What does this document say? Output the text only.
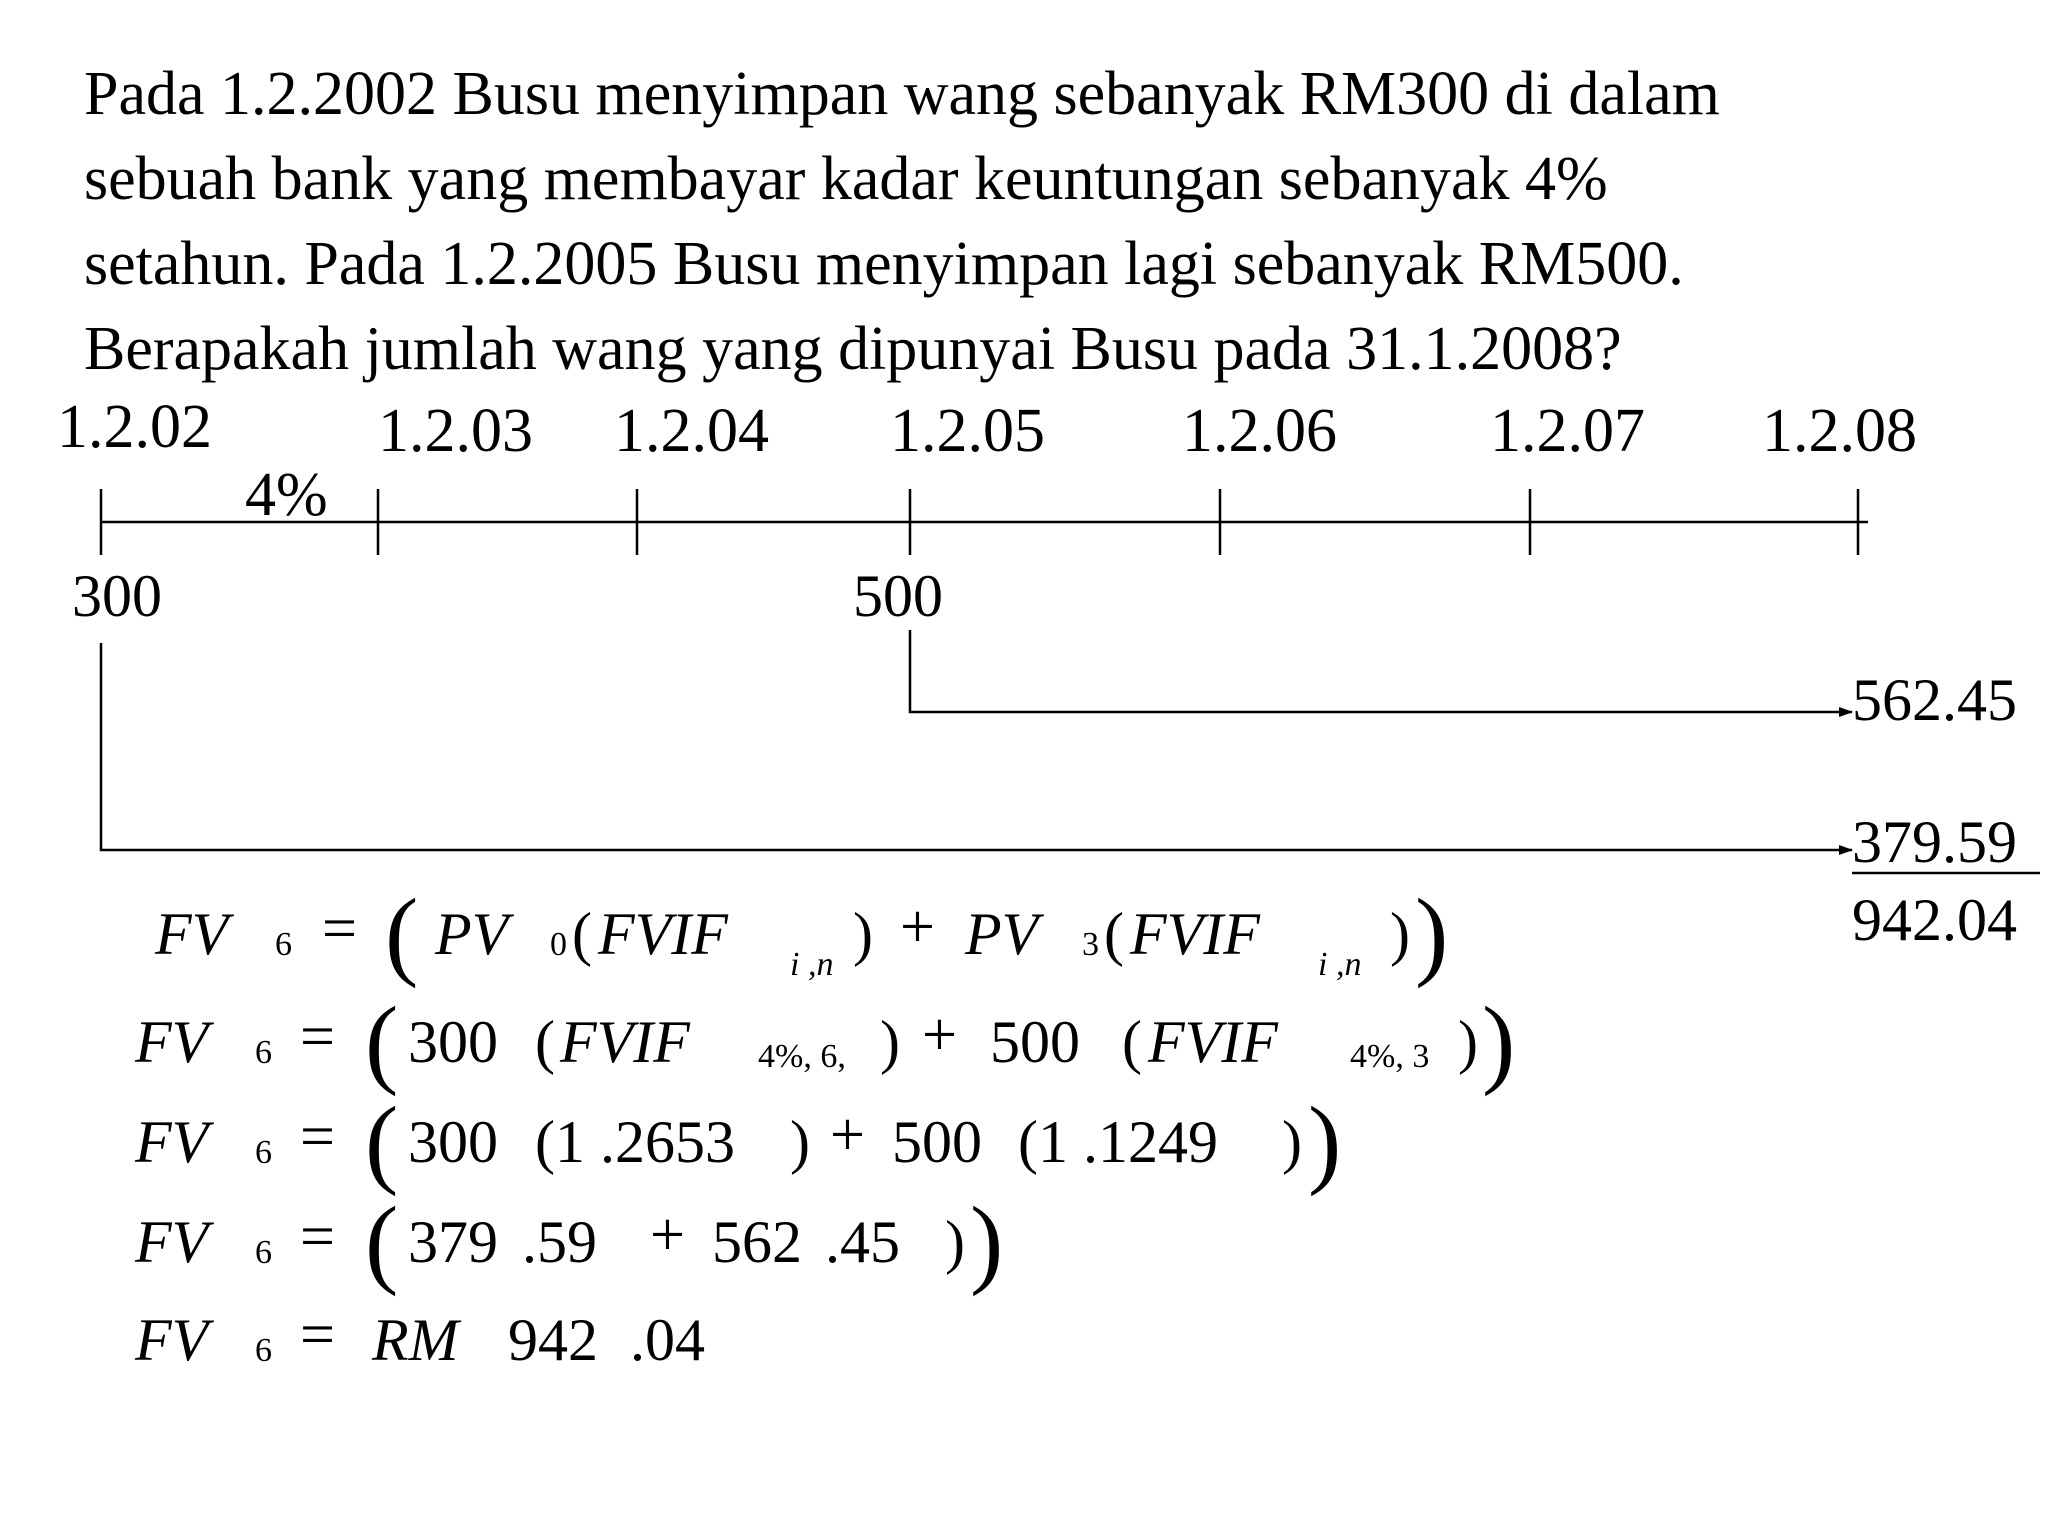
Pada 1.2.2002 Busu menyimpan wang sebanyak RM300 di dalam
sebuah bank yang membayar kadar keuntungan sebanyak 4%
setahun. Pada 1.2.2005 Busu menyimpan lagi sebanyak RM500.
Berapakah jumlah wang yang dipunyai Busu pada 31.1.2008?
1.2.02	1.2.03 1.2.04 1.2.05 1.2.06 1.2.07 1.2.08
4%
300	500
562.45
379.59
942.04
FV 6 = ( PV 0 ( FVIF i ,n ) + PV 3 ( FVIF i ,n ) )
FV 6 = ( 300 ( FVIF 4%, 6, ) + 500 ( FVIF 4%, 3 ) )
FV 6 = ( 300 (1 .2653 ) + 500 (1 .1249 ) )
FV 6 = ( 379 .59 + 562 .45 ) )
FV 6 = RM 942 .04
